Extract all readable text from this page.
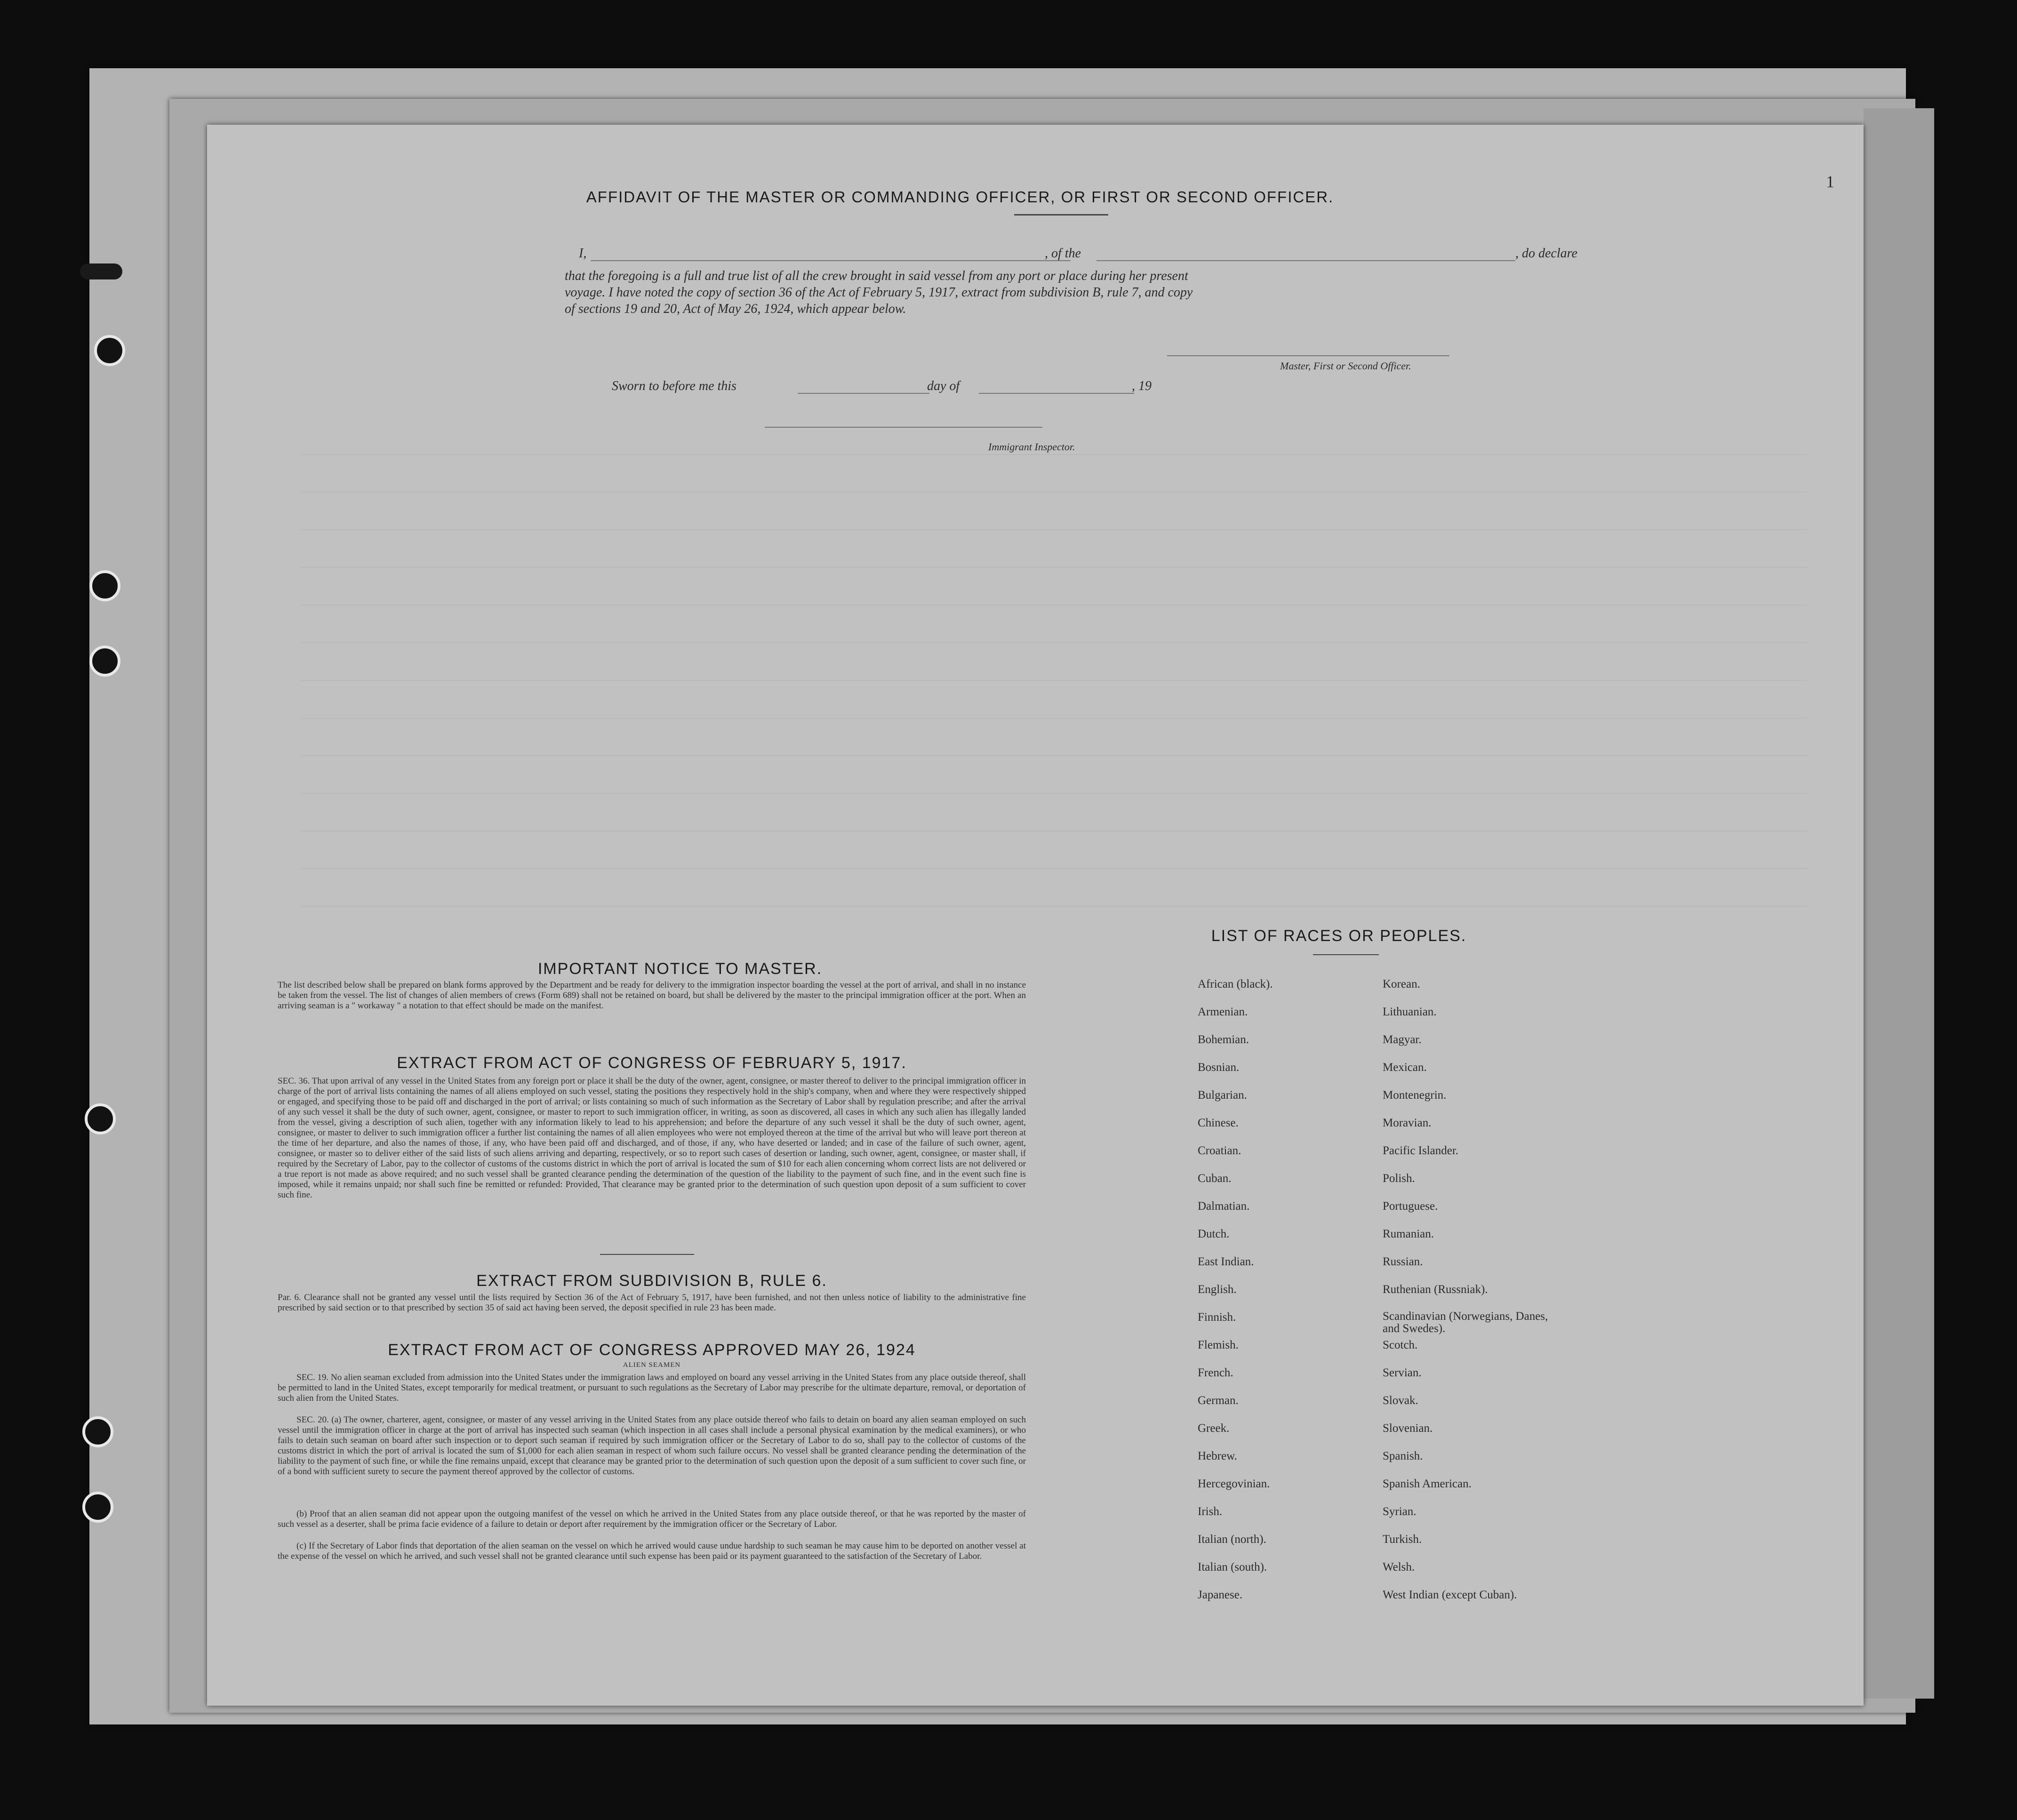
1
AFFIDAVIT OF THE MASTER OR COMMANDING OFFICER, OR FIRST OR SECOND OFFICER.
I,	, of the	, do declare
that the foregoing is a full and true list of all the crew brought in said vessel from any port or place during her present
voyage. I have noted the copy of section 36 of the Act of February 5, 1917, extract from subdivision B, rule 7, and copy
of sections 19 and 20, Act of May 26, 1924, which appear below.
Master, First or Second Officer.
Sworn to before me this	day of	, 19
Immigrant Inspector.
IMPORTANT NOTICE TO MASTER.
The list described below shall be prepared on blank forms approved by the Department and be ready for delivery to the immigration inspector boarding the vessel at the port of arrival, and shall in no instance be taken from the vessel. The list of changes of alien members of crews (Form 689) shall not be retained on board, but shall be delivered by the master to the principal immigration officer at the port. When an arriving seaman is a " workaway " a notation to that effect should be made on the manifest.
EXTRACT FROM ACT OF CONGRESS OF FEBRUARY 5, 1917.
SEC. 36. That upon arrival of any vessel in the United States from any foreign port or place it shall be the duty of the owner, agent, consignee, or master thereof to deliver to the principal immigration officer in charge of the port of arrival lists containing the names of all aliens employed on such vessel, stating the positions they respectively hold in the ship's company, when and where they were respectively shipped or engaged, and specifying those to be paid off and discharged in the port of arrival; or lists containing so much of such information as the Secretary of Labor shall by regulation prescribe; and after the arrival of any such vessel it shall be the duty of such owner, agent, consignee, or master to report to such immigration officer, in writing, as soon as discovered, all cases in which any such alien has illegally landed from the vessel, giving a description of such alien, together with any information likely to lead to his apprehension; and before the departure of any such vessel it shall be the duty of such owner, agent, consignee, or master to deliver to such immigration officer a further list containing the names of all alien employees who were not employed thereon at the time of the arrival but who will leave port thereon at the time of her departure, and also the names of those, if any, who have been paid off and discharged, and of those, if any, who have deserted or landed; and in case of the failure of such owner, agent, consignee, or master so to deliver either of the said lists of such aliens arriving and departing, respectively, or so to report such cases of desertion or landing, such owner, agent, consignee, or master shall, if required by the Secretary of Labor, pay to the collector of customs of the customs district in which the port of arrival is located the sum of $10 for each alien concerning whom correct lists are not delivered or a true report is not made as above required; and no such vessel shall be granted clearance pending the determination of the question of the liability to the payment of such fine, and in the event such fine is imposed, while it remains unpaid; nor shall such fine be remitted or refunded: Provided, That clearance may be granted prior to the determination of such question upon deposit of a sum sufficient to cover such fine.
EXTRACT FROM SUBDIVISION B, RULE 6.
Par. 6. Clearance shall not be granted any vessel until the lists required by Section 36 of the Act of February 5, 1917, have been furnished, and not then unless notice of liability to the administrative fine prescribed by said section or to that prescribed by section 35 of said act having been served, the deposit specified in rule 23 has been made.
EXTRACT FROM ACT OF CONGRESS APPROVED MAY 26, 1924
ALIEN SEAMEN
SEC. 19. No alien seaman excluded from admission into the United States under the immigration laws and employed on board any vessel arriving in the United States from any place outside thereof, shall be permitted to land in the United States, except temporarily for medical treatment, or pursuant to such regulations as the Secretary of Labor may prescribe for the ultimate departure, removal, or deportation of such alien from the United States.
SEC. 20. (a) The owner, charterer, agent, consignee, or master of any vessel arriving in the United States from any place outside thereof who fails to detain on board any alien seaman employed on such vessel until the immigration officer in charge at the port of arrival has inspected such seaman (which inspection in all cases shall include a personal physical examination by the medical examiners), or who fails to detain such seaman on board after such inspection or to deport such seaman if required by such immigration officer or the Secretary of Labor to do so, shall pay to the collector of customs of the customs district in which the port of arrival is located the sum of $1,000 for each alien seaman in respect of whom such failure occurs. No vessel shall be granted clearance pending the determination of the liability to the payment of such fine, or while the fine remains unpaid, except that clearance may be granted prior to the determination of such question upon the deposit of a sum sufficient to cover such fine, or of a bond with sufficient surety to secure the payment thereof approved by the collector of customs.
(b) Proof that an alien seaman did not appear upon the outgoing manifest of the vessel on which he arrived in the United States from any place outside thereof, or that he was reported by the master of such vessel as a deserter, shall be prima facie evidence of a failure to detain or deport after requirement by the immigration officer or the Secretary of Labor.
(c) If the Secretary of Labor finds that deportation of the alien seaman on the vessel on which he arrived would cause undue hardship to such seaman he may cause him to be deported on another vessel at the expense of the vessel on which he arrived, and such vessel shall not be granted clearance until such expense has been paid or its payment guaranteed to the satisfaction of the Secretary of Labor.
LIST OF RACES OR PEOPLES.
African (black).
Armenian.
Bohemian.
Bosnian.
Bulgarian.
Chinese.
Croatian.
Cuban.
Dalmatian.
Dutch.
East Indian.
English.
Finnish.
Flemish.
French.
German.
Greek.
Hebrew.
Hercegovinian.
Irish.
Italian (north).
Italian (south).
Japanese.
Korean.
Lithuanian.
Magyar.
Mexican.
Montenegrin.
Moravian.
Pacific Islander.
Polish.
Portuguese.
Rumanian.
Russian.
Ruthenian (Russniak).
Scandinavian (Norwegians, Danes, and Swedes).
Scotch.
Servian.
Slovak.
Slovenian.
Spanish.
Spanish American.
Syrian.
Turkish.
Welsh.
West Indian (except Cuban).
